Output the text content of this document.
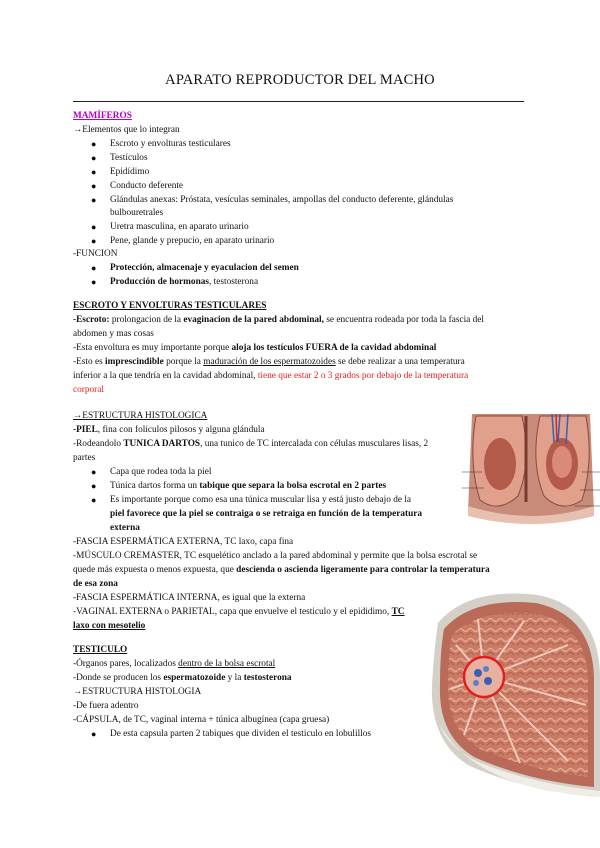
APARATO REPRODUCTOR DEL MACHO
MAMÍFEROS
→Elementos que lo integran
● Escroto y envolturas testiculares
● Testículos
● Epidídimo
● Conducto deferente
● Glándulas anexas: Próstata, vesículas seminales, ampollas del conducto deferente, glándulas
bulbouretrales
● Uretra masculina, en aparato urinario
● Pene, glande y prepucio, en aparato urinario
-FUNCION
● Protección, almacenaje y eyaculacion del semen
● Producción de hormonas, testosterona
ESCROTO Y ENVOLTURAS TESTICULARES
-Escroto: prolongacion de la evaginacion de la pared abdominal, se encuentra rodeada por toda la fascia del
abdomen y mas cosas
-Esta envoltura es muy importante porque aloja los testículos FUERA de la cavidad abdominal
-Esto es imprescindible porque la maduración de los espermatozoides se debe realizar a una temperatura
inferior a la que tendría en la cavidad abdominal, tiene que estar 2 o 3 grados por debajo de la temperatura
corporal
→ESTRUCTURA HISTOLOGICA
-PIEL, fina con folículos pilosos y alguna glándula
-Rodeandolo TUNICA DARTOS, una tunico de TC intercalada con células musculares lisas, 2
partes
● Capa que rodea toda la piel
● Túnica dartos forma un tabique que separa la bolsa escrotal en 2 partes
● Es importante porque como esa una túnica muscular lisa y está justo debajo de la
piel favorece que la piel se contraiga o se retraiga en función de la temperatura
externa
-FASCIA ESPERMÁTICA EXTERNA, TC laxo, capa fina
-MÚSCULO CREMASTER, TC esquelético anclado a la pared abdominal y permite que la bolsa escrotal se
quede más expuesta o menos expuesta, que descienda o ascienda ligeramente para controlar la temperatura
de esa zona
-FASCIA ESPERMÁTICA INTERNA, es igual que la externa
-VAGINAL EXTERNA o PARIETAL, capa que envuelve el testiculo y el epididimo, TC
laxo con mesotelio
TESTICULO
-Órganos pares, localizados dentro de la bolsa escrotal
-Donde se producen los espermatozoide y la testosterona
→ESTRUCTURA HISTOLOGIA
-De fuera adentro
-CÁPSULA, de TC, vaginal interna + túnica albugínea (capa gruesa)
● De esta capsula parten 2 tabiques que dividen el testiculo en lobulillos
